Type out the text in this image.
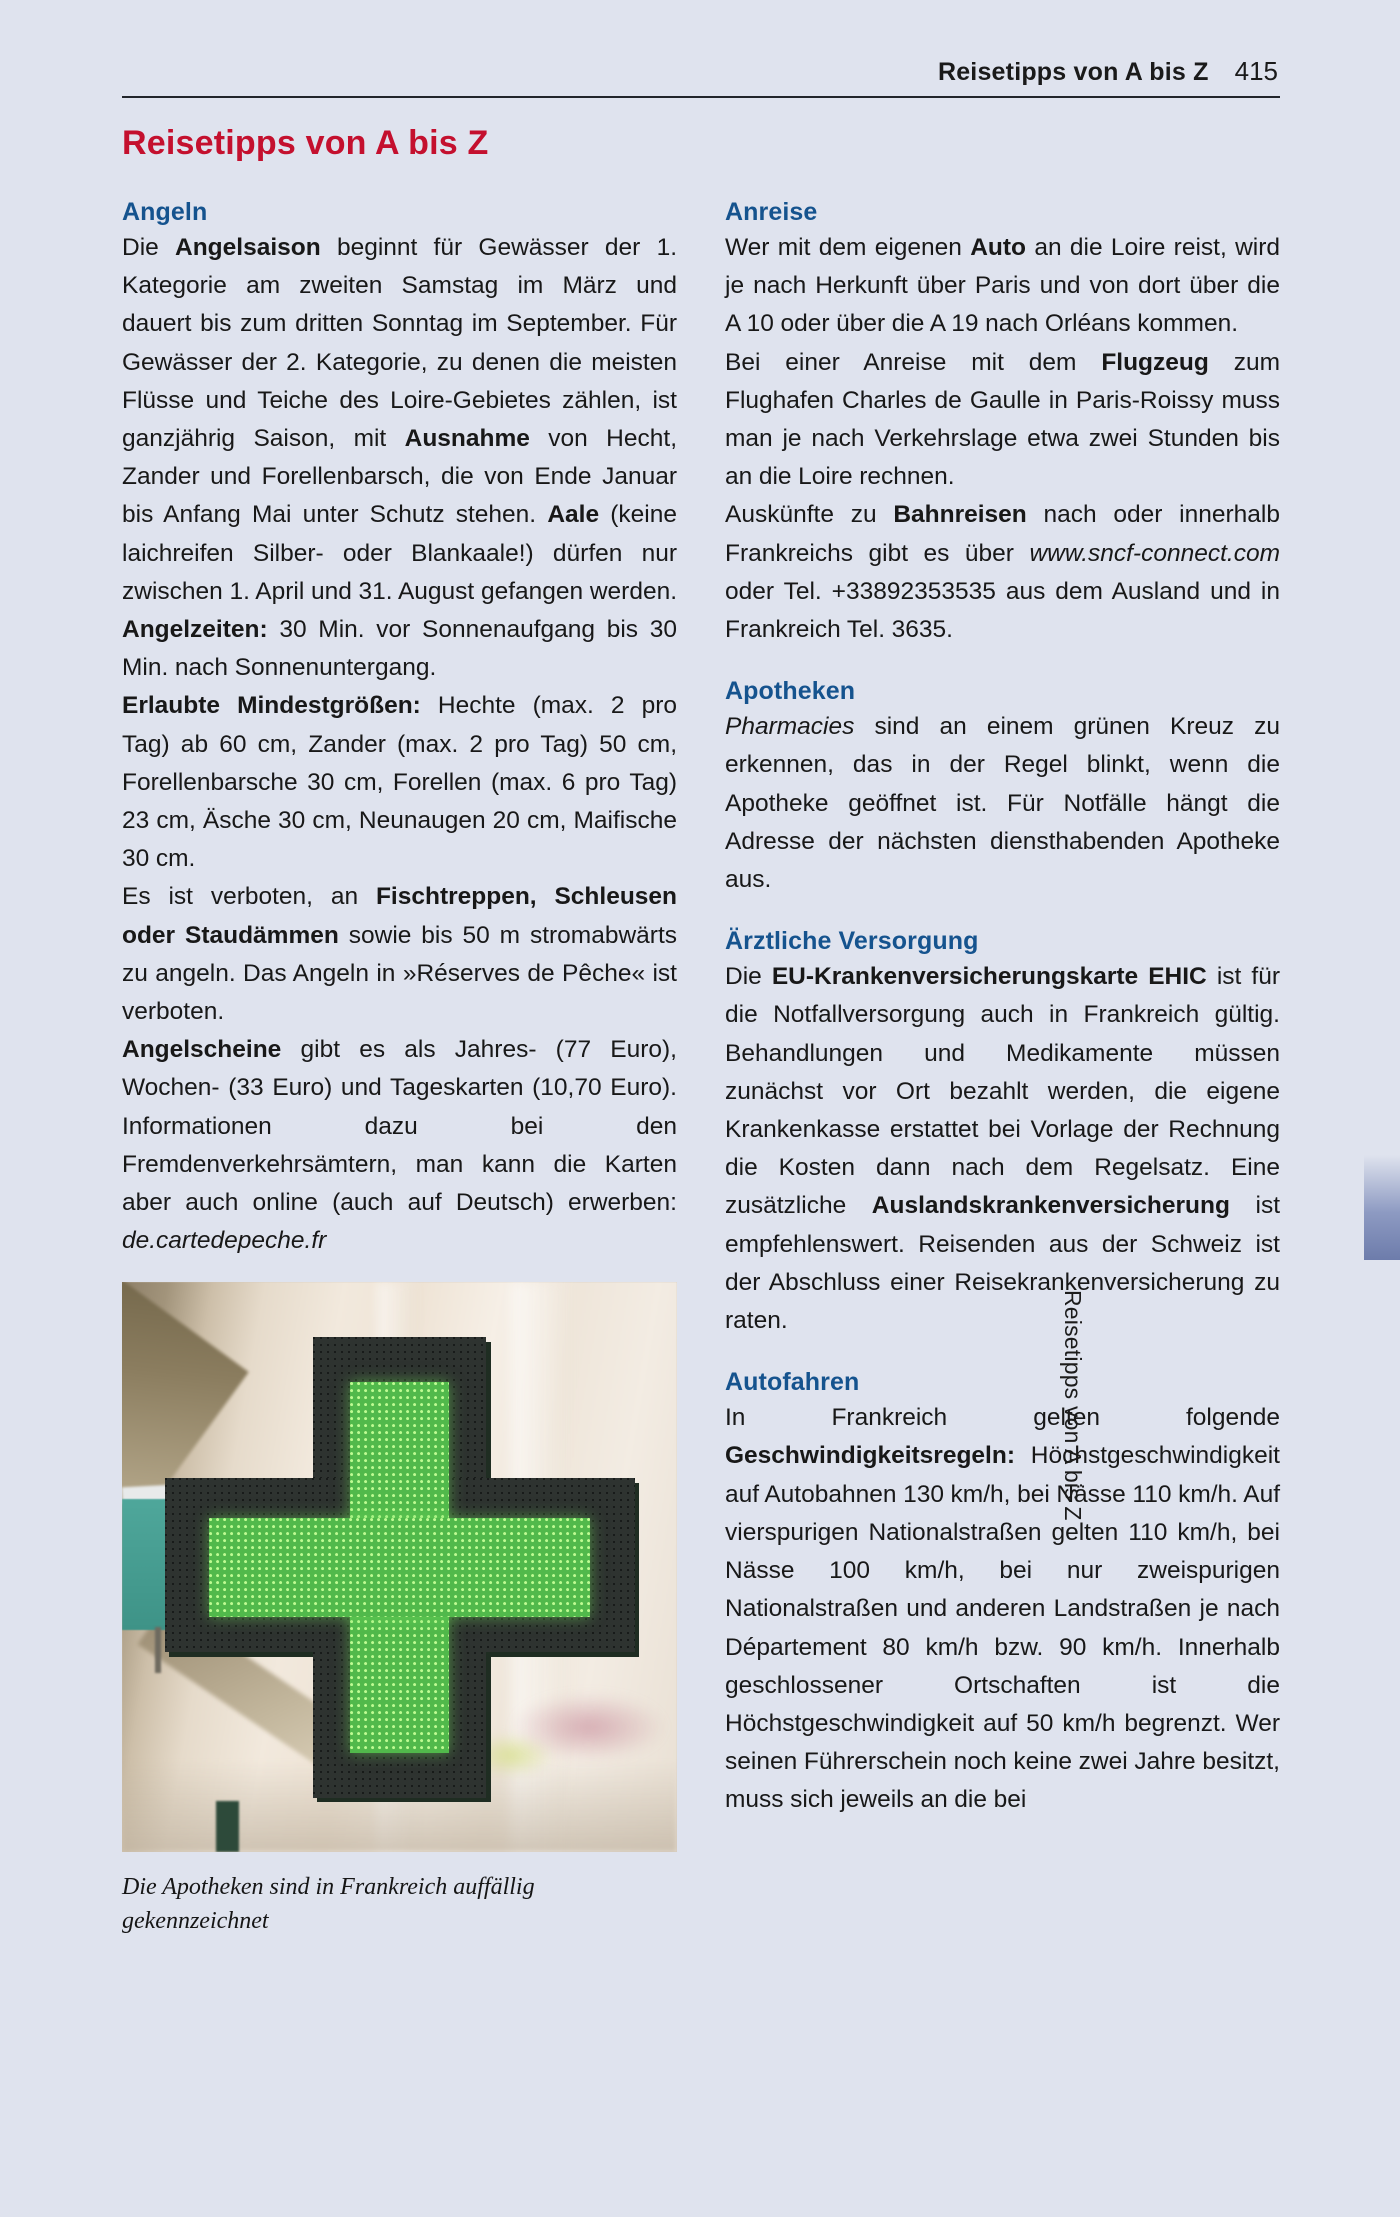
Reisetipps von A bis Z 415
Reisetipps von A bis Z
Angeln

Die Angelsaison beginnt für Gewässer der 1. Kategorie am zweiten Samstag im März und dauert bis zum dritten Sonntag im September. Für Gewässer der 2. Kategorie, zu denen die meisten Flüsse und Teiche des Loire-Gebietes zählen, ist ganzjährig Saison, mit Ausnahme von Hecht, Zander und Forellenbarsch, die von Ende Januar bis Anfang Mai unter Schutz stehen. Aale (keine laichreifen Silber- oder Blankaale!) dürfen nur zwischen 1. April und 31. August gefangen werden. Angelzeiten: 30 Min. vor Sonnenaufgang bis 30 Min. nach Sonnenuntergang.

Erlaubte Mindestgrößen: Hechte (max. 2 pro Tag) ab 60 cm, Zander (max. 2 pro Tag) 50 cm, Forellenbarsche 30 cm, Forellen (max. 6 pro Tag) 23 cm, Äsche 30 cm, Neunaugen 20 cm, Maifische 30 cm.

Es ist verboten, an Fischtreppen, Schleusen oder Staudämmen sowie bis 50 m stromabwärts zu angeln. Das Angeln in »Réserves de Pêche« ist verboten.

Angelscheine gibt es als Jahres- (77 Euro), Wochen- (33 Euro) und Tageskarten (10,70 Euro). Informationen dazu bei den Fremdenverkehrsämtern, man kann die Karten aber auch online (auch auf Deutsch) erwerben: de.cartedepeche.fr

Die Apotheken sind in Frankreich auffällig gekennzeichnet
Anreise

Wer mit dem eigenen Auto an die Loire reist, wird je nach Herkunft über Paris und von dort über die A 10 oder über die A 19 nach Orléans kommen.

Bei einer Anreise mit dem Flugzeug zum Flughafen Charles de Gaulle in Paris-Roissy muss man je nach Verkehrslage etwa zwei Stunden bis an die Loire rechnen.

Auskünfte zu Bahnreisen nach oder innerhalb Frankreichs gibt es über www.sncf-connect.com oder Tel. +33892353535 aus dem Ausland und in Frankreich Tel. 3635.

Apotheken

Pharmacies sind an einem grünen Kreuz zu erkennen, das in der Regel blinkt, wenn die Apotheke geöffnet ist. Für Notfälle hängt die Adresse der nächsten diensthabenden Apotheke aus.

Ärztliche Versorgung

Die EU-Krankenversicherungskarte EHIC ist für die Notfallversorgung auch in Frankreich gültig. Behandlungen und Medikamente müssen zunächst vor Ort bezahlt werden, die eigene Krankenkasse erstattet bei Vorlage der Rechnung die Kosten dann nach dem Regelsatz. Eine zusätzliche Auslandskrankenversicherung ist empfehlenswert. Reisenden aus der Schweiz ist der Abschluss einer Reisekrankenversicherung zu raten.

Autofahren

In Frankreich gelten folgende Geschwindigkeitsregeln: Höchstgeschwindigkeit auf Autobahnen 130 km/h, bei Nässe 110 km/h. Auf vierspurigen Nationalstraßen gelten 110 km/h, bei Nässe 100 km/h, bei nur zweispurigen Nationalstraßen und anderen Landstraßen je nach Département 80 km/h bzw. 90 km/h. Innerhalb geschlossener Ortschaften ist die Höchstgeschwindigkeit auf 50 km/h begrenzt. Wer seinen Führerschein noch keine zwei Jahre besitzt, muss sich jeweils an die bei

Reisetipps von A bis Z
